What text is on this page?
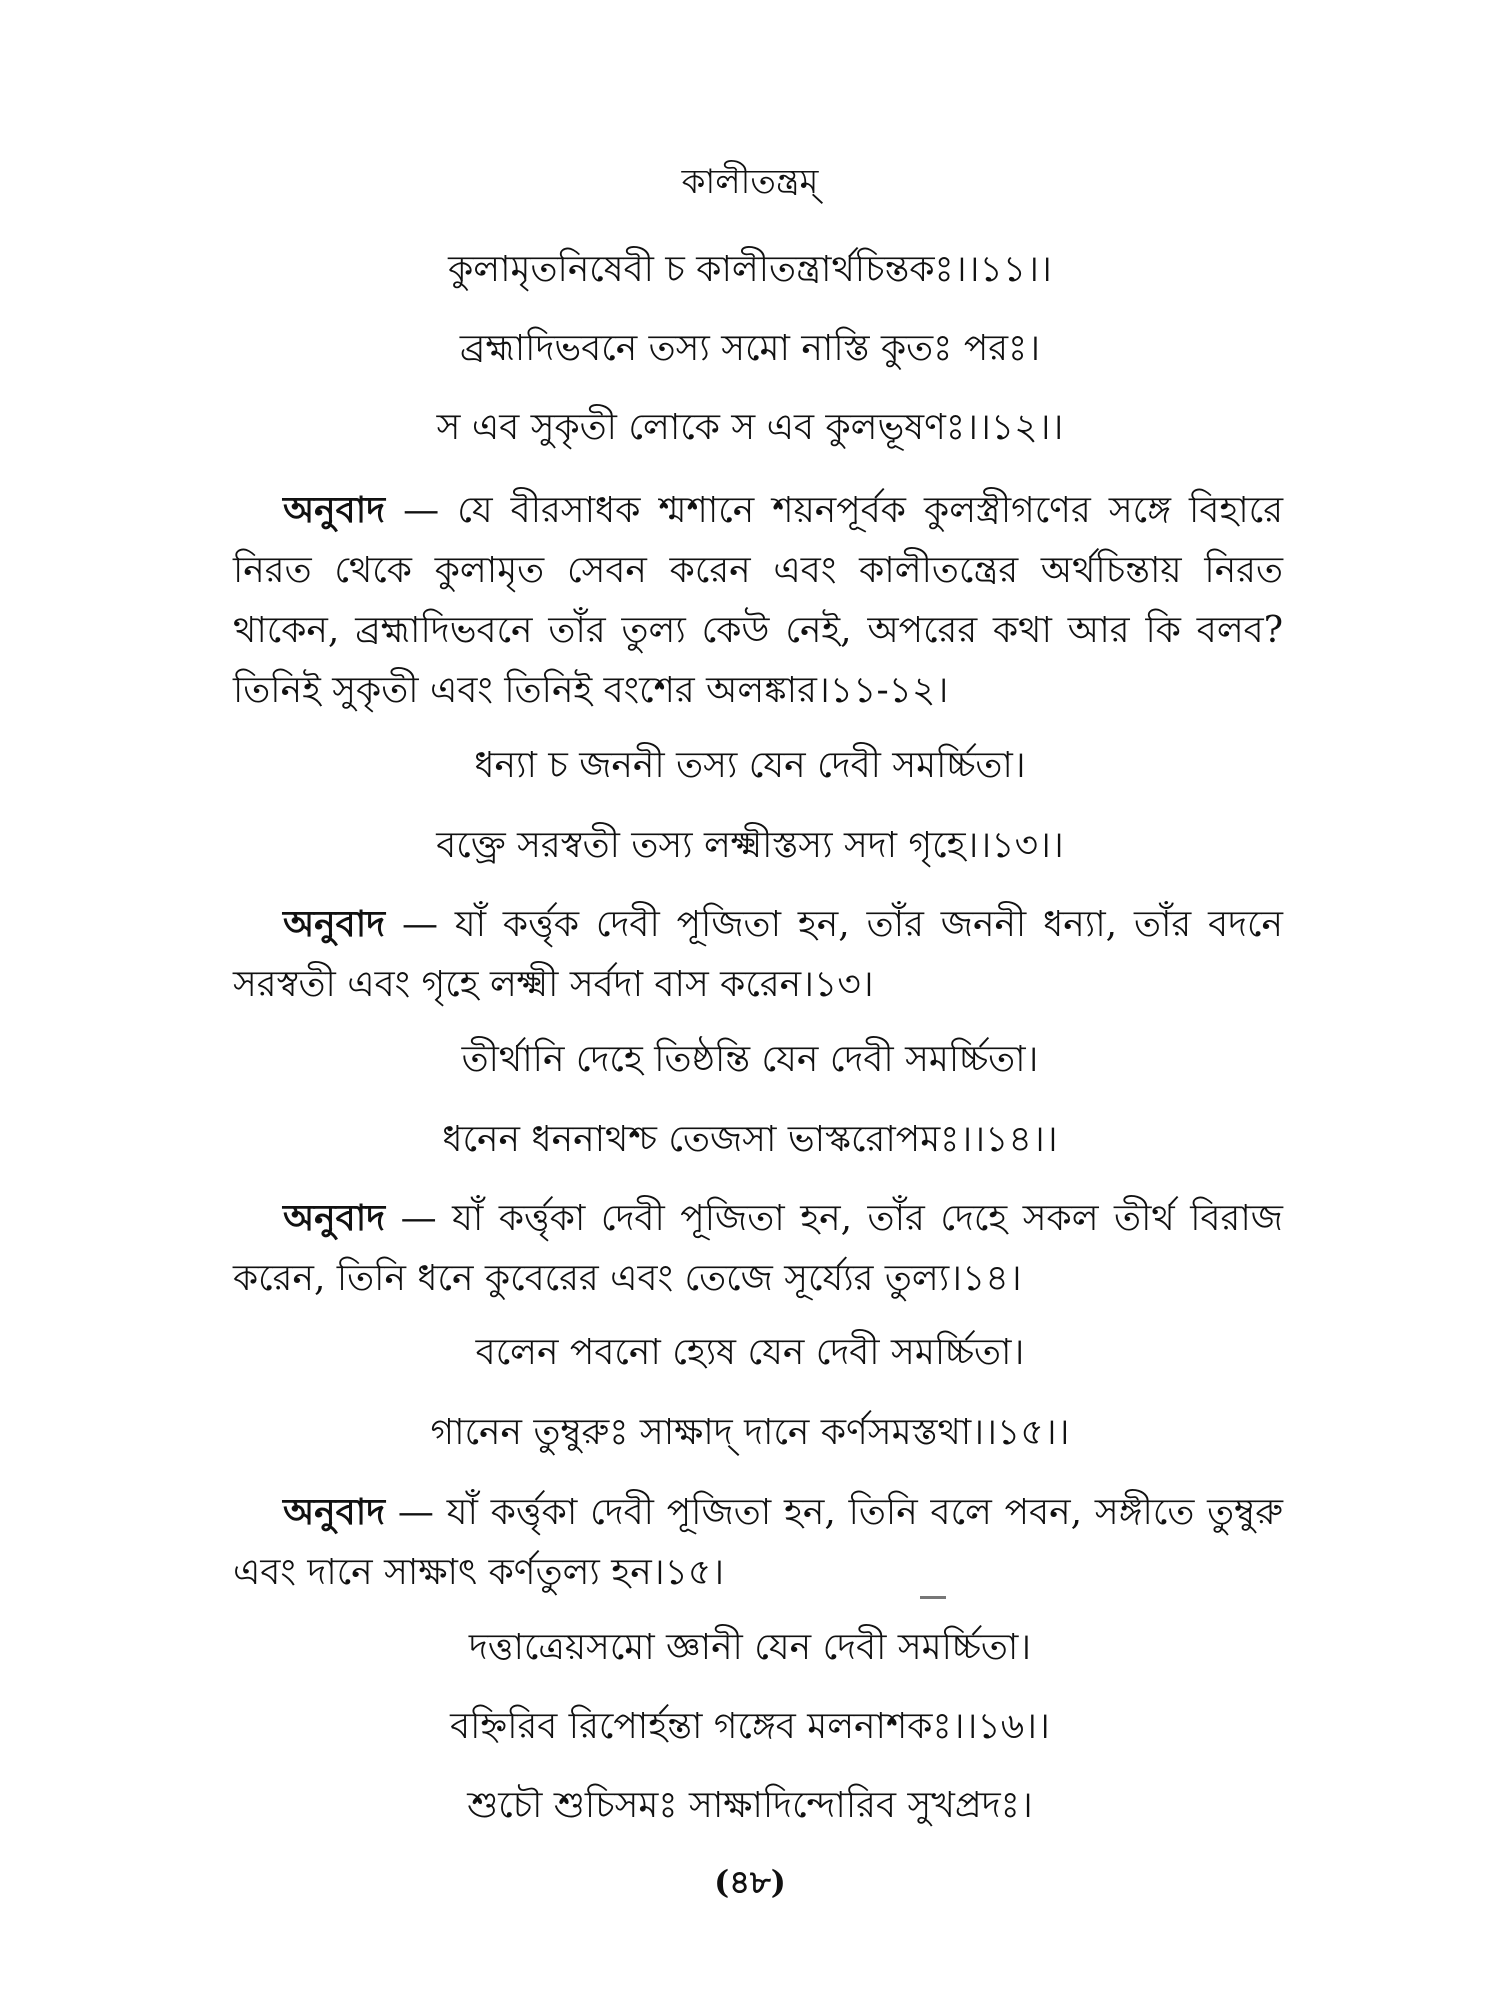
কালীতন্ত্রম্
কুলামৃতনিষেবী চ কালীতন্ত্রার্থচিন্তকঃ।।১১।।
ব্রহ্মাদিভবনে তস্য সমো নাস্তি কুতঃ পরঃ।
স এব সুকৃতী লোকে স এব কুলভূষণঃ।।১২।।
অনুবাদ — যে বীরসাধক শ্মশানে শয়নপূর্বক কুলস্ত্রীগণের সঙ্গে বিহারে নিরত থেকে কুলামৃত সেবন করেন এবং কালীতন্ত্রের অর্থচিন্তায় নিরত থাকেন, ব্রহ্মাদিভবনে তাঁর তুল্য কেউ নেই, অপরের কথা আর কি বলব? তিনিই সুকৃতী এবং তিনিই বংশের অলঙ্কার।১১-১২।
ধন্যা চ জননী তস্য যেন দেবী সমর্চ্চিতা।
বক্ত্রে সরস্বতী তস্য লক্ষ্মীস্তস্য সদা গৃহে।।১৩।।
অনুবাদ — যাঁ কর্ত্তৃক দেবী পূজিতা হন, তাঁর জননী ধন্যা, তাঁর বদনে সরস্বতী এবং গৃহে লক্ষ্মী সর্বদা বাস করেন।১৩।
তীর্থানি দেহে তিষ্ঠন্তি যেন দেবী সমর্চ্চিতা।
ধনেন ধননাথশ্চ তেজসা ভাস্করোপমঃ।।১৪।।
অনুবাদ — যাঁ কর্ত্তৃকা দেবী পূজিতা হন, তাঁর দেহে সকল তীর্থ বিরাজ করেন, তিনি ধনে কুবেরের এবং তেজে সূর্য্যের তুল্য।১৪।
বলেন পবনো হ্যেষ যেন দেবী সমর্চ্চিতা।
গানেন তুম্বুরুঃ সাক্ষাদ্ দানে কর্ণসমস্তথা।।১৫।।
অনুবাদ — যাঁ কর্ত্তৃকা দেবী পূজিতা হন, তিনি বলে পবন, সঙ্গীতে তুম্বুরু এবং দানে সাক্ষাৎ কর্ণতুল্য হন।১৫।
দত্তাত্রেয়সমো জ্ঞানী যেন দেবী সমর্চ্চিতা।
বহ্নিরিব রিপোর্হন্তা গঙ্গেব মলনাশকঃ।।১৬।।
শুচৌ শুচিসমঃ সাক্ষাদিন্দোরিব সুখপ্রদঃ।
(৪৮)
